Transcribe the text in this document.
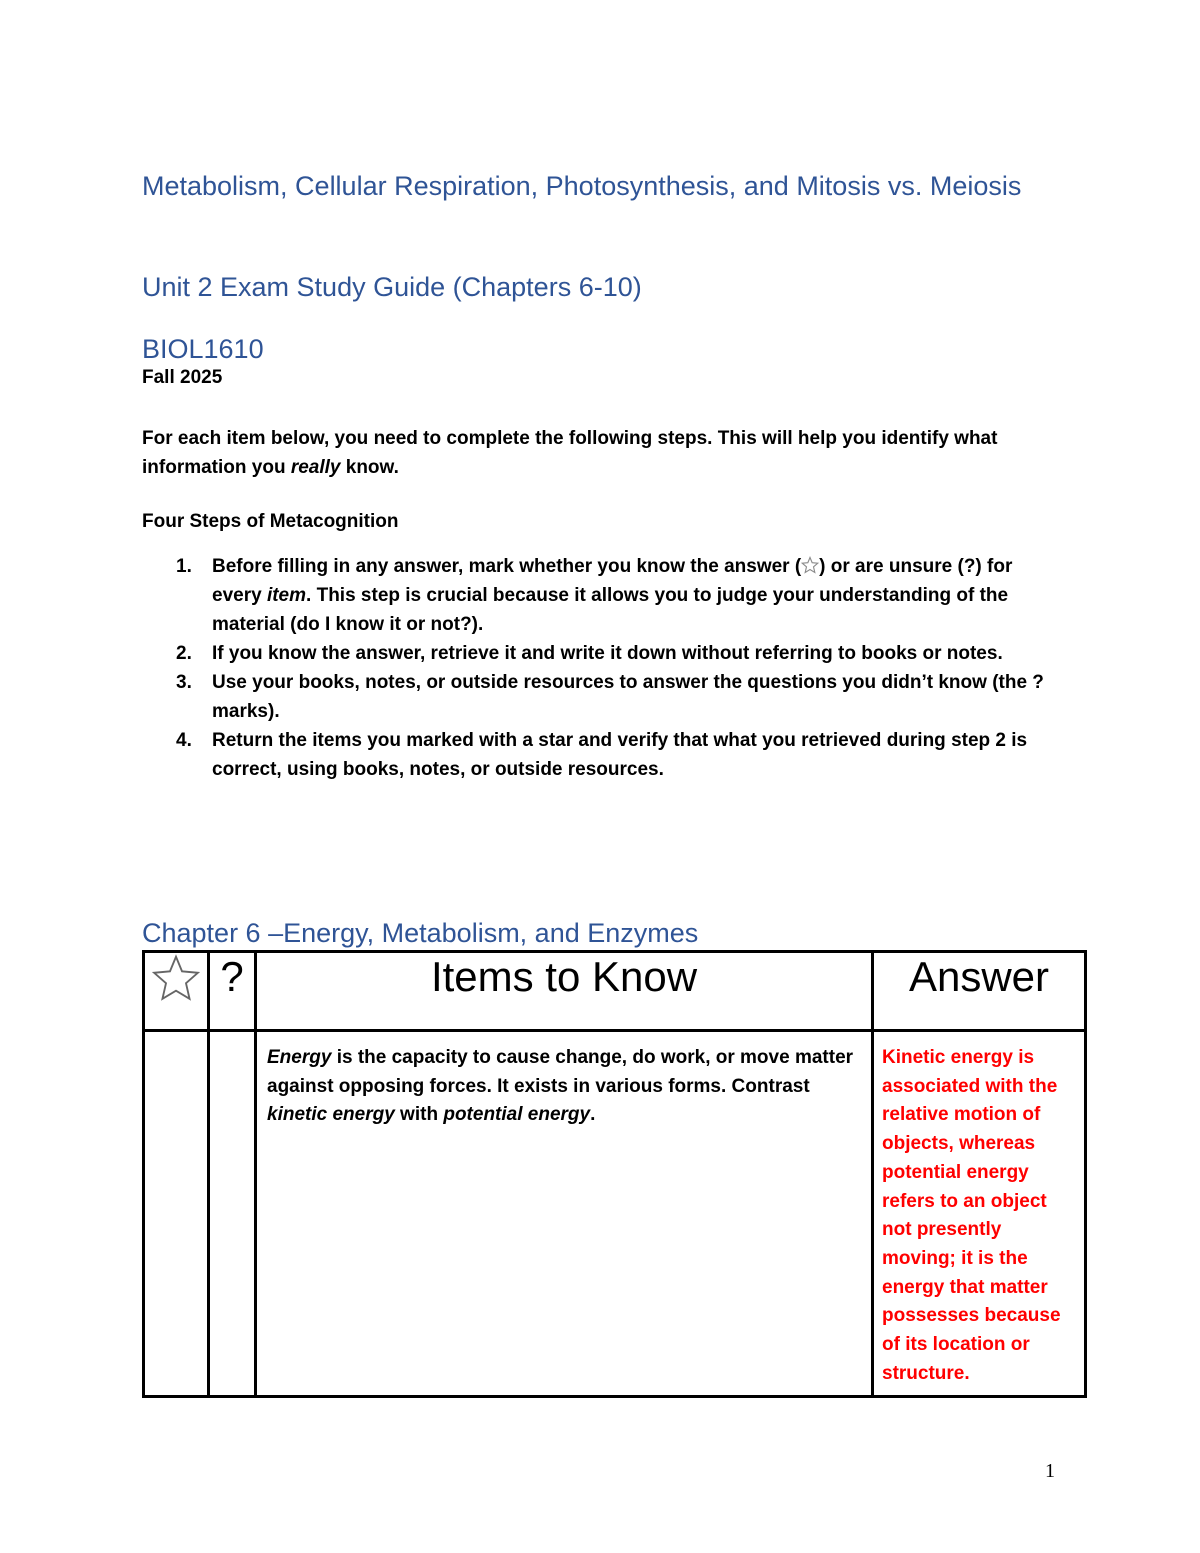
Metabolism, Cellular Respiration, Photosynthesis, and Mitosis vs. Meiosis
Unit 2 Exam Study Guide (Chapters 6-10)
BIOL1610
Fall 2025
For each item below, you need to complete the following steps. This will help you identify what information you really know.
Four Steps of Metacognition
1. Before filling in any answer, mark whether you know the answer ( ) or are unsure (?) for every item. This step is crucial because it allows you to judge your understanding of the material (do I know it or not?).
2. If you know the answer, retrieve it and write it down without referring to books or notes.
3. Use your books, notes, or outside resources to answer the questions you didn’t know (the ? marks).
4. Return the items you marked with a star and verify that what you retrieved during step 2 is correct, using books, notes, or outside resources.
Chapter 6 –Energy, Metabolism, and Enzymes
	?	Items to Know	Answer

		Energy is the capacity to cause change, do work, or move matter against opposing forces. It exists in various forms. Contrast kinetic energy with potential energy.	Kinetic energy is associated with the relative motion of objects, whereas potential energy refers to an object not presently moving; it is the energy that matter possesses because of its location or structure.
1
